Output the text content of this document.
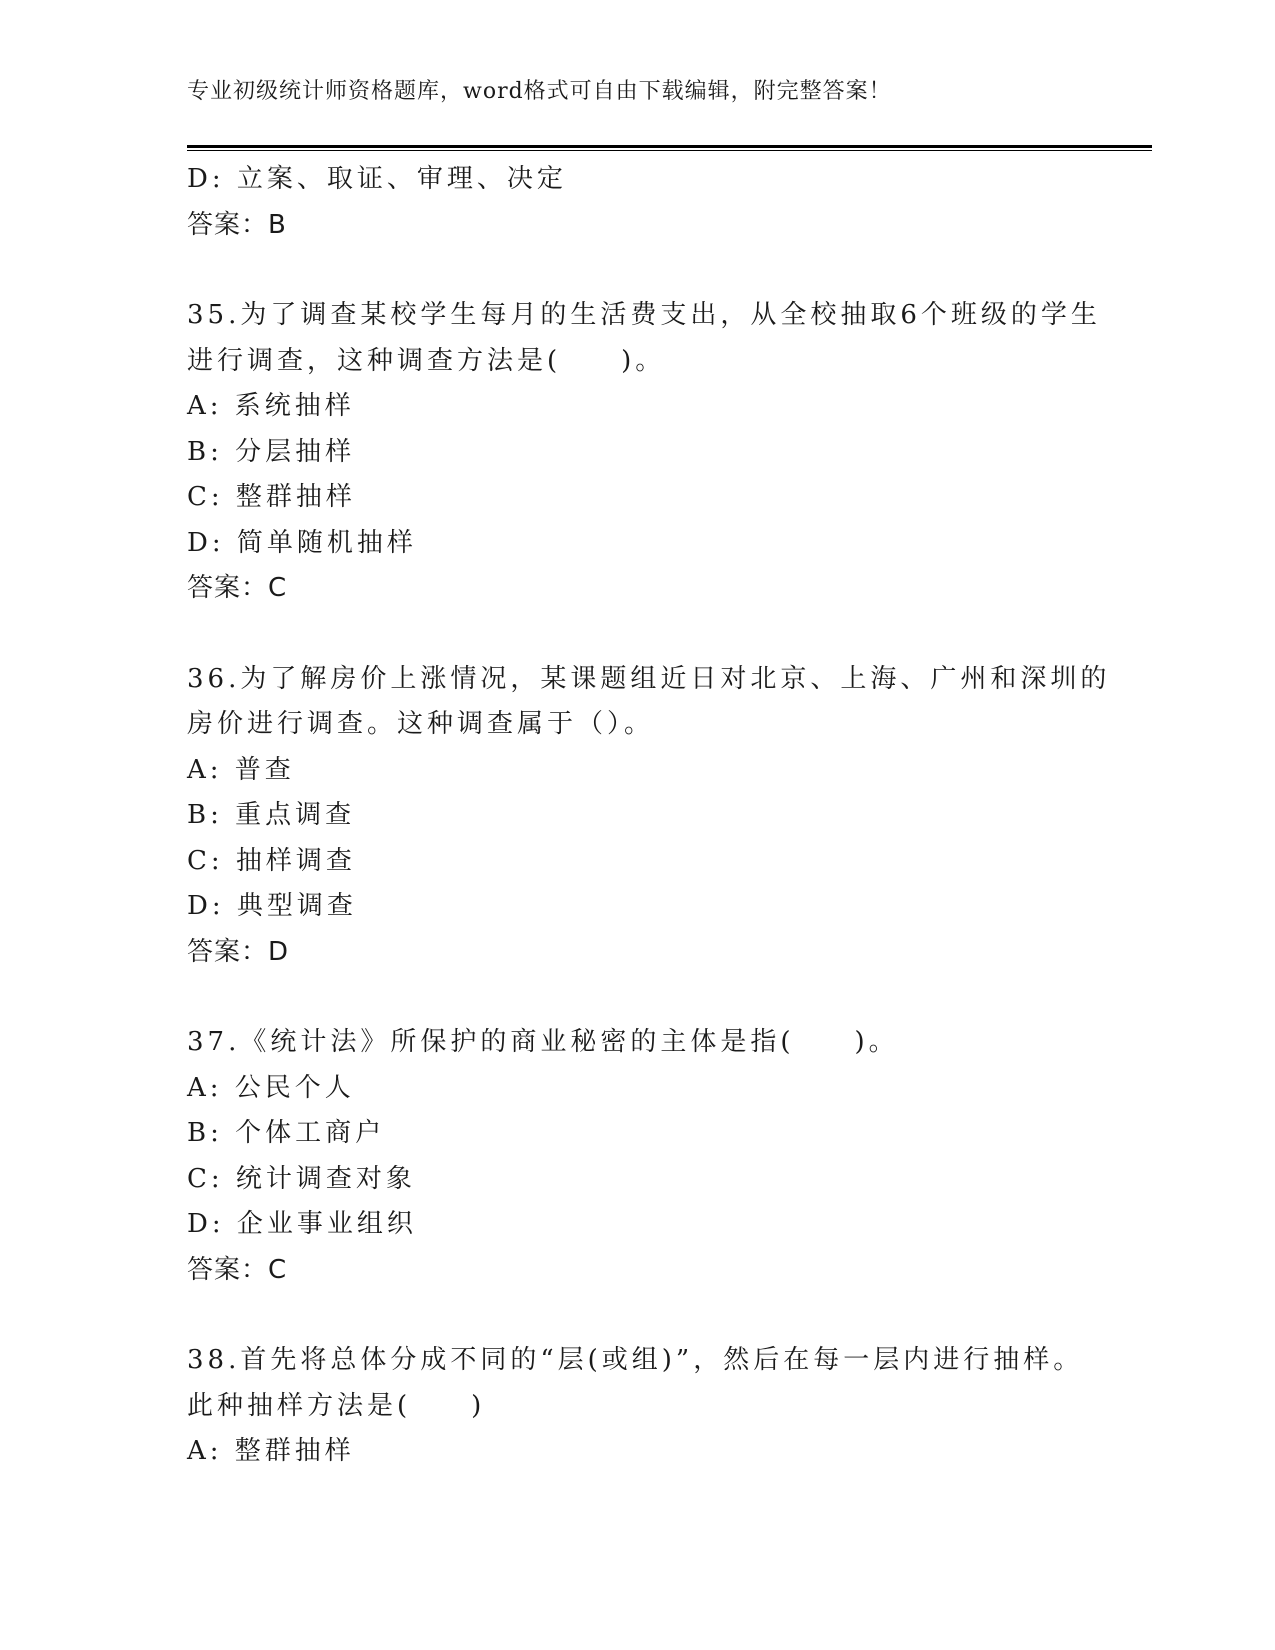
专业初级统计师资格题库，word格式可自由下载编辑，附完整答案！
D: 立案、取证、审理、决定
答案：B
35.为了调查某校学生每月的生活费支出，从全校抽取6个班级的学生
进行调查，这种调查方法是(　　)。
A: 系统抽样
B: 分层抽样
C: 整群抽样
D: 简单随机抽样
答案：C
36.为了解房价上涨情况，某课题组近日对北京、上海、广州和深圳的
房价进行调查。这种调查属于（）。
A: 普查
B: 重点调查
C: 抽样调查
D: 典型调查
答案：D
37.《统计法》所保护的商业秘密的主体是指(　　)。
A: 公民个人
B: 个体工商户
C: 统计调查对象
D: 企业事业组织
答案：C
38.首先将总体分成不同的“层(或组)”，然后在每一层内进行抽样。
此种抽样方法是(　　)
A: 整群抽样
